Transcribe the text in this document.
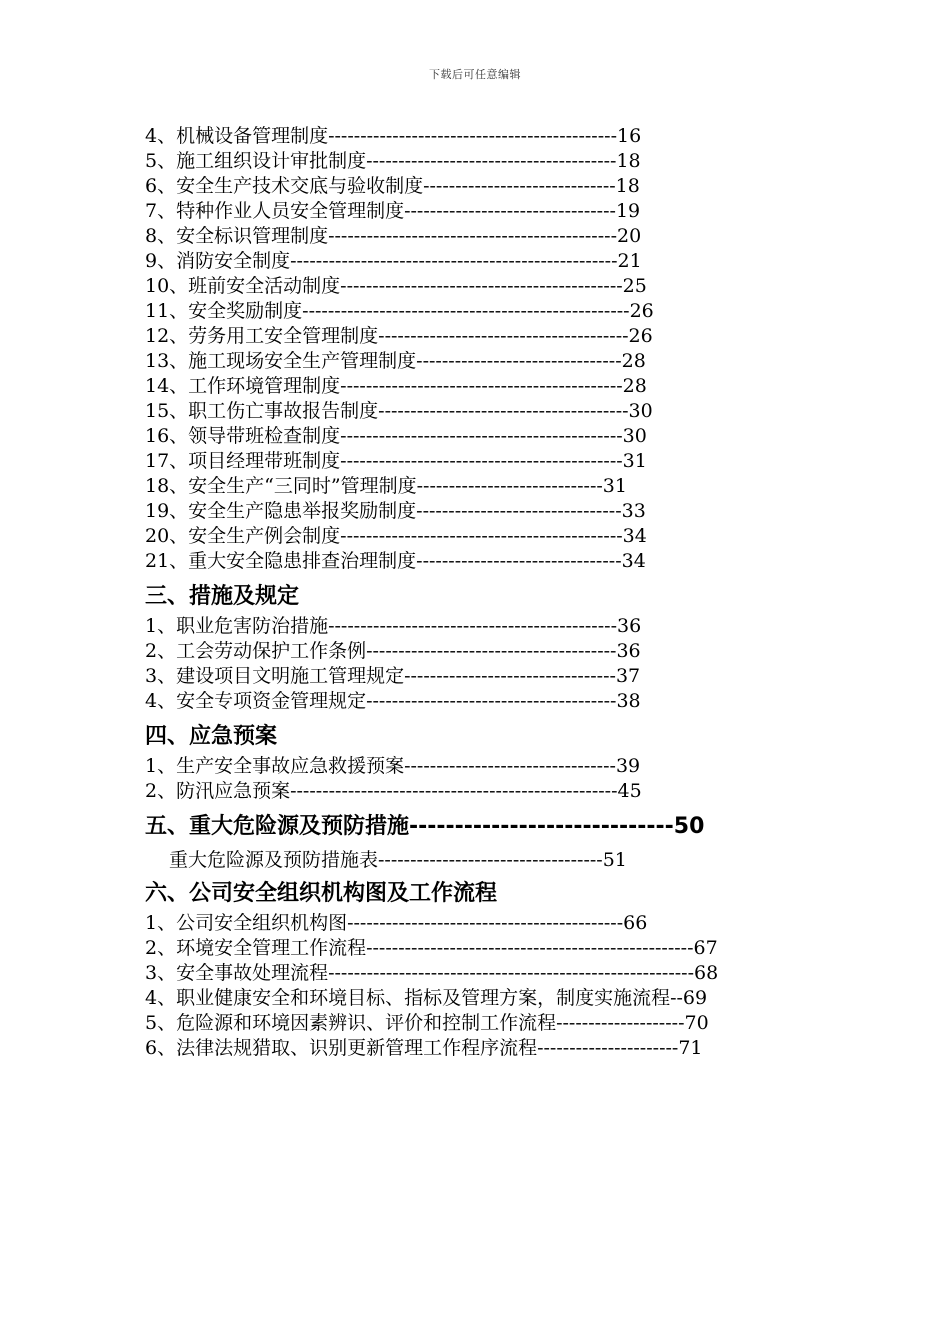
下载后可任意编辑
4、机械设备管理制度---------------------------------------------16
5、施工组织设计审批制度---------------------------------------18
6、安全生产技术交底与验收制度------------------------------18
7、特种作业人员安全管理制度---------------------------------19
8、安全标识管理制度---------------------------------------------20
9、消防安全制度---------------------------------------------------21
10、班前安全活动制度--------------------------------------------25
11、安全奖励制度---------------------------------------------------26
12、劳务用工安全管理制度---------------------------------------26
13、施工现场安全生产管理制度--------------------------------28
14、工作环境管理制度--------------------------------------------28
15、职工伤亡事故报告制度---------------------------------------30
16、领导带班检查制度--------------------------------------------30
17、项目经理带班制度--------------------------------------------31
18、安全生产“三同时”管理制度-----------------------------31
19、安全生产隐患举报奖励制度--------------------------------33
20、安全生产例会制度--------------------------------------------34
21、重大安全隐患排查治理制度--------------------------------34
三、措施及规定
1、职业危害防治措施---------------------------------------------36
2、工会劳动保护工作条例---------------------------------------36
3、建设项目文明施工管理规定---------------------------------37
4、安全专项资金管理规定---------------------------------------38
四、应急预案
1、生产安全事故应急救援预案---------------------------------39
2、防汛应急预案---------------------------------------------------45
五、重大危险源及预防措施-----------------------------50
重大危险源及预防措施表-----------------------------------51
六、公司安全组织机构图及工作流程
1、公司安全组织机构图-------------------------------------------66
2、环境安全管理工作流程---------------------------------------------------67
3、安全事故处理流程---------------------------------------------------------68
4、职业健康安全和环境目标、指标及管理方案，制度实施流程--69
5、危险源和环境因素辨识、评价和控制工作流程--------------------70
6、法律法规猎取、识别更新管理工作程序流程----------------------71
